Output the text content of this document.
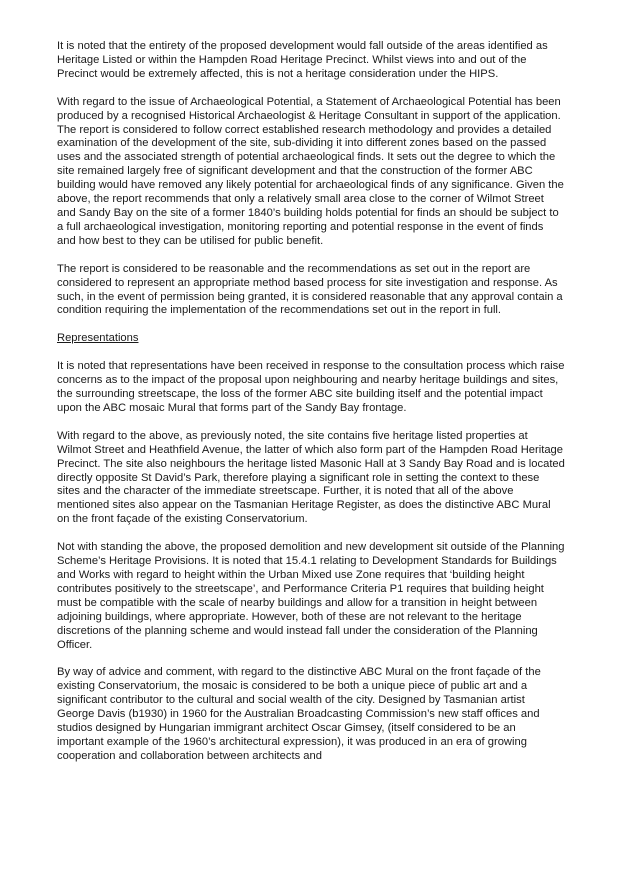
It is noted that the entirety of the proposed development would fall outside of the areas identified as Heritage Listed or within the Hampden Road Heritage Precinct. Whilst views into and out of the Precinct would be extremely affected, this is not a heritage consideration under the HIPS.

With regard to the issue of Archaeological Potential, a Statement of Archaeological Potential has been produced by a recognised Historical Archaeologist & Heritage Consultant in support of the application. The report is considered to follow correct established research methodology and provides a detailed examination of the development of the site, sub-dividing it into different zones based on the passed uses and the associated strength of potential archaeological finds. It sets out the degree to which the site remained largely free of significant development and that the construction of the former ABC building would have removed any likely potential for archaeological finds of any significance. Given the above, the report recommends that only a relatively small area close to the corner of Wilmot Street and Sandy Bay on the site of a former 1840’s building holds potential for finds an should be subject to a full archaeological investigation, monitoring reporting and potential response in the event of finds and how best to they can be utilised for public benefit.

The report is considered to be reasonable and the recommendations as set out in the report are considered to represent an appropriate method based process for site investigation and response. As such, in the event of permission being granted, it is considered reasonable that any approval contain a condition requiring the implementation of the recommendations set out in the report in full.

Representations

It is noted that representations have been received in response to the consultation process which raise concerns as to the impact of the proposal upon neighbouring and nearby heritage buildings and sites, the surrounding streetscape, the loss of the former ABC site building itself and the potential impact upon the ABC mosaic Mural that forms part of the Sandy Bay frontage.

With regard to the above, as previously noted, the site contains five heritage listed properties at Wilmot Street and Heathfield Avenue, the latter of which also form part of the Hampden Road Heritage Precinct. The site also neighbours the heritage listed Masonic Hall at 3 Sandy Bay Road and is located directly opposite St David’s Park, therefore playing a significant role in setting the context to these sites and the character of the immediate streetscape. Further, it is noted that all of the above mentioned sites also appear on the Tasmanian Heritage Register, as does the distinctive ABC Mural on the front façade of the existing Conservatorium.

Not with standing the above, the proposed demolition and new development sit outside of the Planning Scheme’s Heritage Provisions. It is noted that 15.4.1 relating to Development Standards for Buildings and Works with regard to height within the Urban Mixed use Zone requires that ‘building height contributes positively to the streetscape’, and Performance Criteria P1 requires that building height must be compatible with the scale of nearby buildings and allow for a transition in height between adjoining buildings, where appropriate. However, both of these are not relevant to the heritage discretions of the planning scheme and would instead fall under the consideration of the Planning Officer.

By way of advice and comment, with regard to the distinctive ABC Mural on the front façade of the existing Conservatorium, the mosaic is considered to be both a unique piece of public art and a significant contributor to the cultural and social wealth of the city. Designed by Tasmanian artist George Davis (b1930) in 1960 for the Australian Broadcasting Commission’s new staff offices and studios designed by Hungarian immigrant architect Oscar Gimsey, (itself considered to be an important example of the 1960’s architectural expression), it was produced in an era of growing cooperation and collaboration between architects and
